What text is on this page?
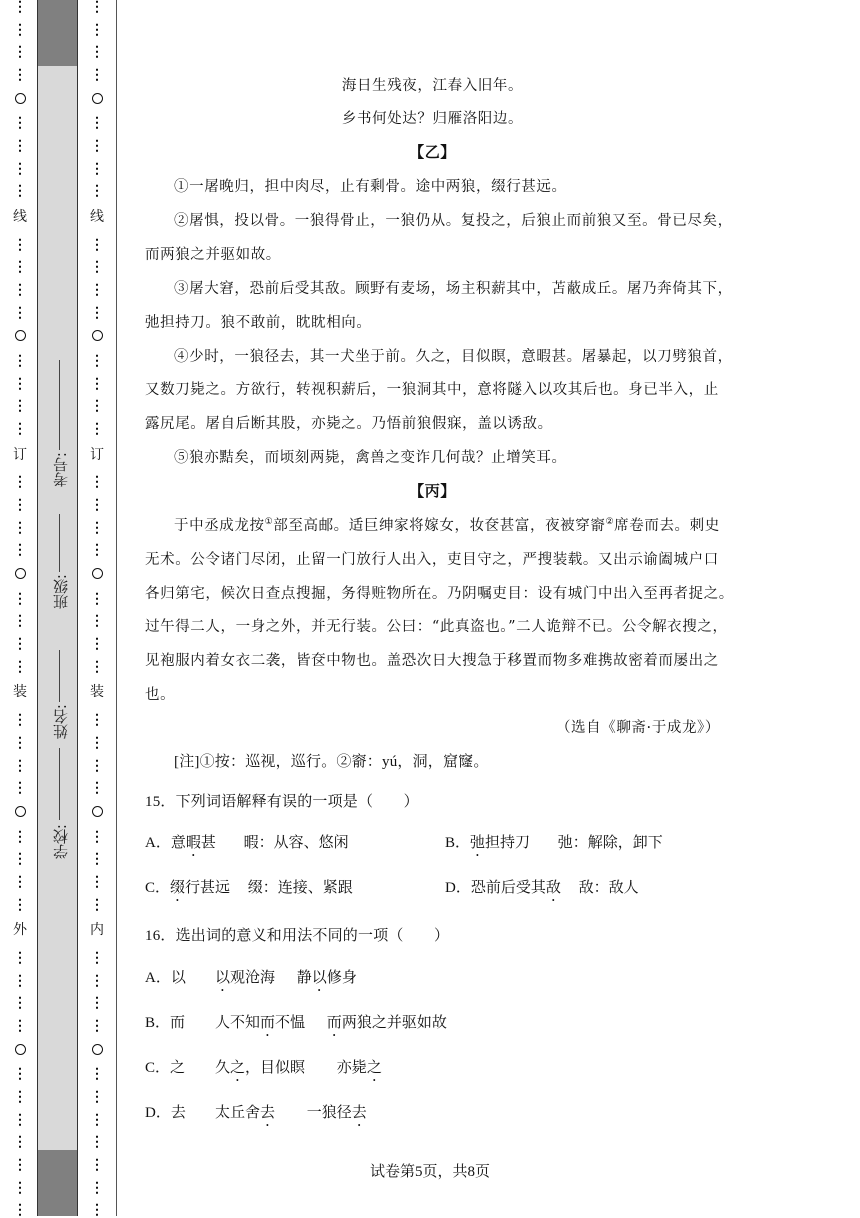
⋮
⋮
⋮
⋮
⋮
⋮
⋮
⋮
线
⋮
⋮
⋮
⋮
⋮
⋮
⋮
⋮
订
⋮
⋮
⋮
⋮
⋮
⋮
⋮
⋮
装
⋮
⋮
⋮
⋮
⋮
⋮
⋮
⋮
外
⋮
⋮
⋮
⋮
⋮
⋮
⋮
⋮
⋮
⋮
⋮
考号:
班级:
姓名:
学校:
⋮
⋮
⋮
⋮
⋮
⋮
⋮
⋮
线
⋮
⋮
⋮
⋮
⋮
⋮
⋮
⋮
订
⋮
⋮
⋮
⋮
⋮
⋮
⋮
⋮
装
⋮
⋮
⋮
⋮
⋮
⋮
⋮
⋮
内
⋮
⋮
⋮
⋮
⋮
⋮
⋮
⋮
⋮
⋮
⋮
海日生残夜，江春入旧年。
乡书何处达？归雁洛阳边。
【乙】
①一屠晚归，担中肉尽，止有剩骨。途中两狼，缀行甚远。
②屠惧，投以骨。一狼得骨止，一狼仍从。复投之，后狼止而前狼又至。骨已尽矣，
而两狼之并驱如故。
③屠大窘，恐前后受其敌。顾野有麦场，场主积薪其中，苫蔽成丘。屠乃奔倚其下，
弛担持刀。狼不敢前，眈眈相向。
④少时，一狼径去，其一犬坐于前。久之，目似瞑，意暇甚。屠暴起，以刀劈狼首，
又数刀毙之。方欲行，转视积薪后，一狼洞其中，意将隧入以攻其后也。身已半入，止
露尻尾。屠自后断其股，亦毙之。乃悟前狼假寐，盖以诱敌。
⑤狼亦黠矣，而顷刻两毙，禽兽之变诈几何哉？止增笑耳。
【丙】
于中丞成龙按①部至高邮。适巨绅家将嫁女，妆奁甚富，夜被穿窬②席卷而去。刺史
无术。公令诸门尽闭，止留一门放行人出入，吏目守之，严搜装载。又出示谕阖城户口
各归第宅，候次日查点搜掘，务得赃物所在。乃阴嘱吏目：设有城门中出入至再者捉之。
过午得二人，一身之外，并无行装。公曰：“此真盗也。”二人诡辩不已。公令解衣搜之，
见袍服内着女衣二袭，皆奁中物也。盖恐次日大搜急于移置而物多难携故密着而屡出之
也。
（选自《聊斋·于成龙》）
[注]①按：巡视，巡行。②窬：yú，洞，窟窿。
15．下列词语解释有误的一项是（　　）
A．意暇甚 暇：从容、悠闲	B．弛担持刀 弛：解除，卸下
C．缀行甚远 缀：连接、紧跟	D．恐前后受其敌 敌：敌人
16．选出词的意义和用法不同的一项（　　）
A．以 以观沧海 静以修身
B．而 人不知而不愠 而两狼之并驱如故
C．之 久之，目似瞑 亦毙之
D．去 太丘舍去 一狼径去
试卷第5页，共8页
